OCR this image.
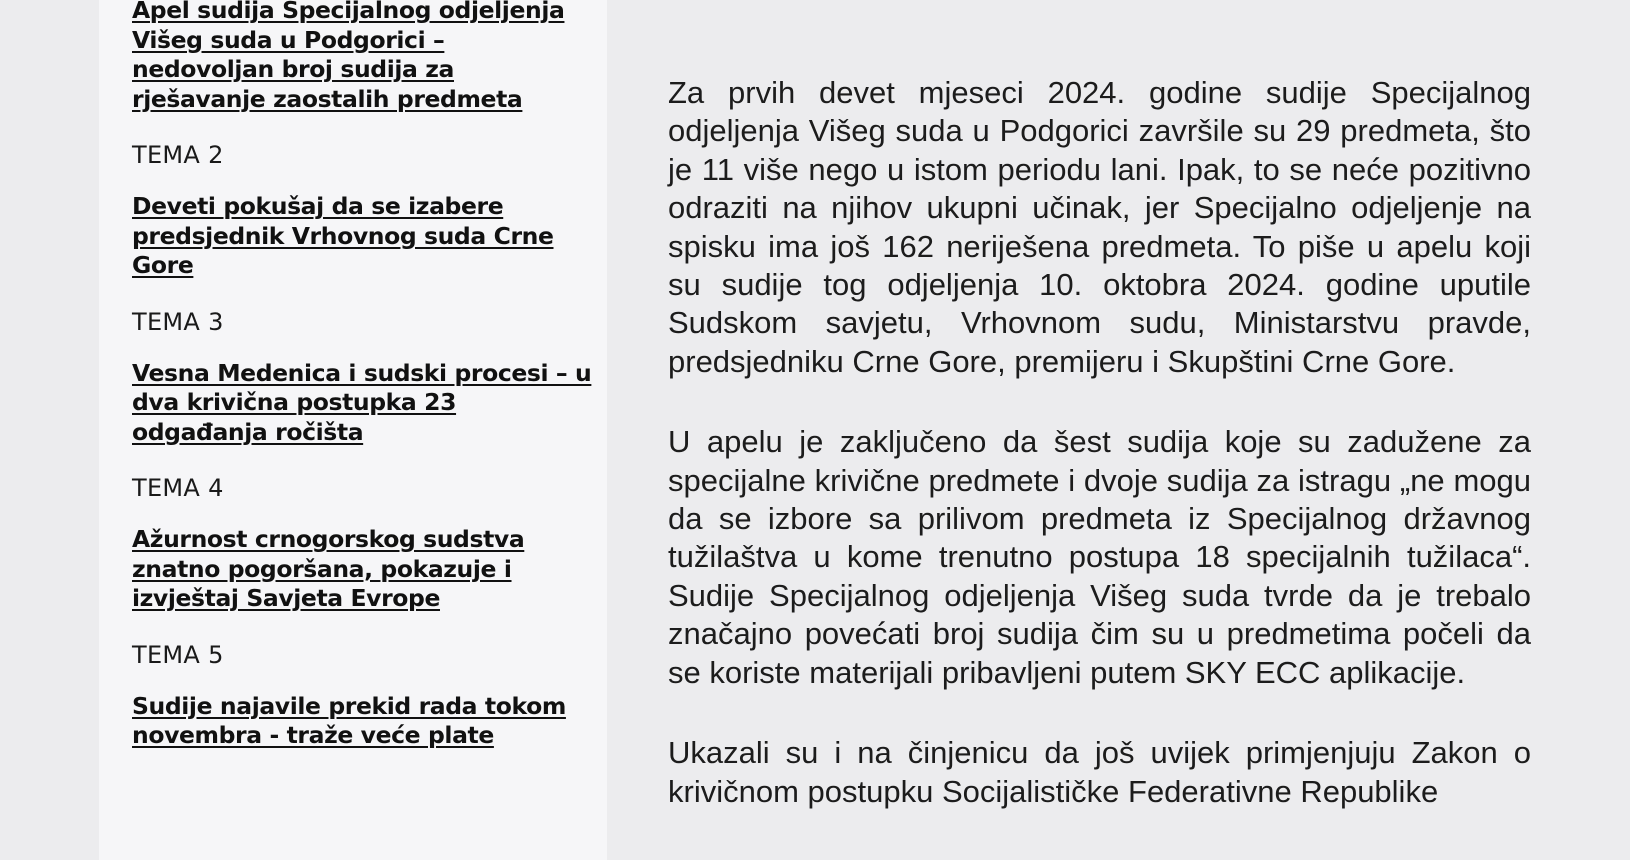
Apel sudija Specijalnog odjeljenja Višeg suda u Podgorici – nedovoljan broj sudija za rješavanje zaostalih predmeta
TEMA 2
Deveti pokušaj da se izabere predsjednik Vrhovnog suda Crne Gore
TEMA 3
Vesna Medenica i sudski procesi – u dva krivična postupka 23 odgađanja ročišta
TEMA 4
Ažurnost crnogorskog sudstva znatno pogoršana, pokazuje i izvještaj Savjeta Evrope
TEMA 5
Sudije najavile prekid rada tokom novembra - traže veće plate

Za prvih devet mjeseci 2024. godine sudije Specijalnog odjeljenja Višeg suda u Podgorici završile su 29 predmeta, što je 11 više nego u istom periodu lani. Ipak, to se neće pozitivno odraziti na njihov ukupni učinak, jer Specijalno odjeljenje na spisku ima još 162 neriješena predmeta. To piše u apelu koji su sudije tog odjeljenja 10. oktobra 2024. godine uputile Sudskom savjetu, Vrhovnom sudu, Ministarstvu pravde, predsjedniku Crne Gore, premijeru i Skupštini Crne Gore.

U apelu je zaključeno da šest sudija koje su zadužene za specijalne krivične predmete i dvoje sudija za istragu „ne mogu da se izbore sa prilivom predmeta iz Specijalnog državnog tužilaštva u kome trenutno postupa 18 specijalnih tužilaca“. Sudije Specijalnog odjeljenja Višeg suda tvrde da je trebalo značajno povećati broj sudija čim su u predmetima počeli da se koriste materijali pribavljeni putem SKY ECC aplikacije.

Ukazali su i na činjenicu da još uvijek primjenjuju Zakon o krivičnom postupku Socijalističke Federativne Republike
